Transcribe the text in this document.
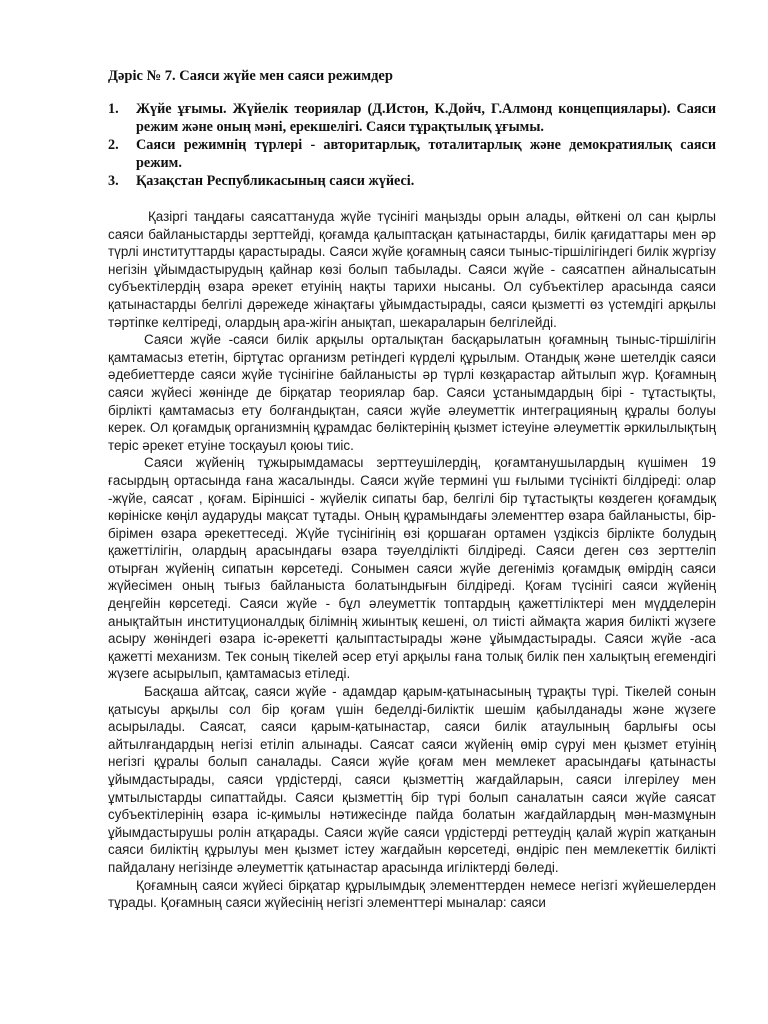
Дәріс № 7. Саяси жүйе мен саяси режимдер
1.	Жүйе ұғымы. Жүйелік теориялар (Д.Истон, К.Дойч, Г.Алмонд концепциялары). Саяси режим және оның мәні, ерекшелігі. Саяси тұрақтылық ұғымы.
2.	Саяси режимнің түрлері - авторитарлық, тоталитарлық және демократиялық саяси режим.
3.	Қазақстан Республикасының саяси жүйесі.

Қазіргі таңдағы саясаттануда жүйе түсінігі маңызды орын алады, өйткені ол сан қырлы саяси байланыстарды зерттейді, қоғамда қалыптасқан қатынастарды, билік қағидаттары мен әр түрлі институттарды қарастырады. Саяси жүйе қоғамның саяси тыныс-тіршілігіндегі билік жүргізу негізін ұйымдастырудың қайнар көзі болып табылады. Саяси жүйе - саясатпен айналысатын субъектілердің өзара әрекет етуінің нақты тарихи нысаны. Ол субъектілер арасында саяси қатынастарды белгілі дәрежеде жінақтағы ұйымдастырады, саяси қызметті өз үстемдігі арқылы тәртіпке келтіреді, олардың ара-жігін анықтап, шекараларын белгілейді.

Саяси жүйе -саяси билік арқылы орталықтан басқарылатын қоғамның тыныс-тіршілігін қамтамасыз ететін, біртұтас организм ретіндегі күрделі құрылым. Отандық және шетелдік саяси әдебиеттерде саяси жүйе түсінігіне байланысты әр түрлі көзқарастар айтылып жүр. Қоғамның саяси жүйесі жөнінде де бірқатар теориялар бар. Саяси ұстанымдардың бірі - тұтастықты, бірлікті қамтамасыз ету болғандықтан, саяси жүйе әлеуметтік интеграцияның құралы болуы керек. Ол қоғамдық организмнің құрамдас бөліктерінің қызмет істеуіне әлеуметтік әркилылықтың теріс әрекет етуіне тосқауыл қоюы тиіс.

Саяси жүйенің тұжырымдамасы зерттеушілердің, қоғамтанушылардың күшімен 19 ғасырдың ортасында ғана жасалынды. Саяси жүйе термині үш ғылыми түсінікті білдіреді: олар -жүйе, саясат , қоғам. Біріншісі - жүйелік сипаты бар, белгілі бір тұтастықты көздеген қоғамдық көрініске көңіл аударуды мақсат тұтады. Оның құрамындағы элементтер өзара байланысты, бір-бірімен өзара әрекеттеседі. Жүйе түсінігінің өзі қоршаған ортамен үздіксіз бірлікте болудың қажеттілігін, олардың арасындағы өзара тәуелділікті білдіреді. Саяси деген сөз зерттеліп отырған жүйенің сипатын көрсетеді. Сонымен саяси жүйе дегеніміз қоғамдық өмірдің саяси жүйесімен оның тығыз байланыста болатындығын білдіреді. Қоғам түсінігі саяси жүйенің деңгейін көрсетеді. Саяси жүйе - бұл әлеуметтік топтардың қажеттіліктері мен мүдделерін анықтайтын институционалдық білімнің жиынтық кешені, ол тиісті аймақта жария билікті жүзеге асыру жөніндегі өзара іс-әрекетті қалыптастырады және ұйымдастырады. Саяси жүйе -аса қажетті механизм. Тек соның тікелей әсер етуі арқылы ғана толық билік пен халықтың егемендігі жүзеге асырылып, қамтамасыз етіледі.

Басқаша айтсақ, саяси жүйе - адамдар қарым-қатынасының тұрақты түрі. Тікелей сонын қатысуы арқылы сол бір қоғам үшін беделді-биліктік шешім қабылданады және жүзеге асырылады. Саясат, саяси қарым-қатынастар, саяси билік атаулының барлығы осы айтылғандардың негізі етіліп алынады. Саясат саяси жүйенің өмір сүруі мен қызмет етуінің негізгі құралы болып саналады. Саяси жүйе қоғам мен мемлекет арасындағы қатынасты ұйымдастырады, саяси үрдістерді, саяси қызметтің жағдайларын, саяси ілгерілеу мен ұмтылыстарды сипаттайды. Саяси қызметтің бір түрі болып саналатын саяси жүйе саясат субъектілерінің өзара іс-қимылы нәтижесінде пайда болатын жағдайлардың мән-мазмұнын ұйымдастырушы ролін атқарады. Саяси жүйе саяси үрдістерді реттеудің қалай жүріп жатқанын саяси биліктің құрылуы мен қызмет істеу жағдайын көрсетеді, өндіріс пен мемлекеттік билікті пайдалану негізінде әлеуметтік қатынастар арасында игіліктерді бөледі.

Қоғамның саяси жүйесі бірқатар құрылымдық элементтерден немесе негізгі жүйешелерден тұрады. Қоғамның саяси жүйесінің негізгі элементтері мыналар: саяси
